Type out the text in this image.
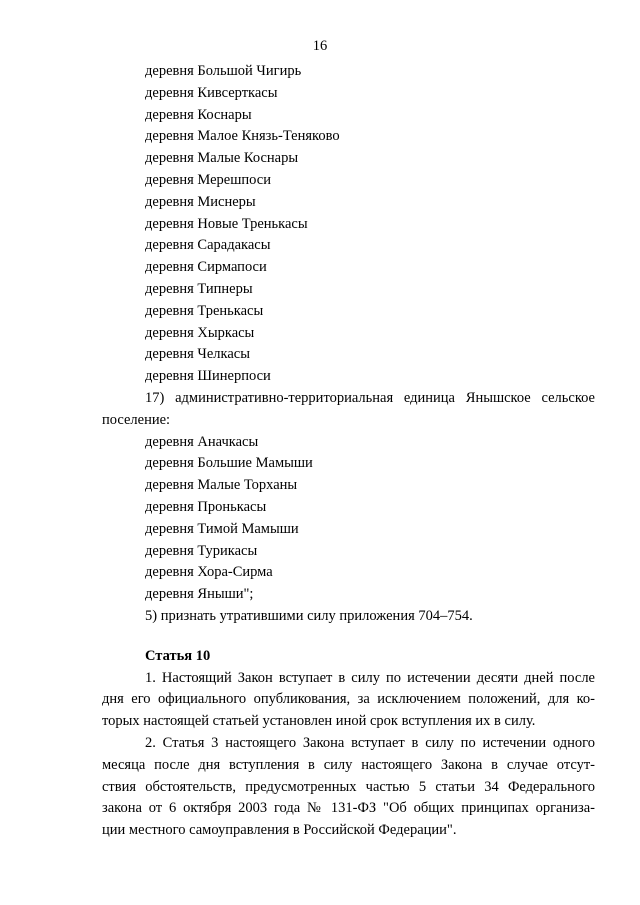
16
деревня Большой Чигирь
деревня Кивсерткасы
деревня Коснары
деревня Малое Князь-Теняково
деревня Малые Коснары
деревня Мерешпоси
деревня Миснеры
деревня Новые Тренькасы
деревня Сарадакасы
деревня Сирмапоси
деревня Типнеры
деревня Тренькасы
деревня Хыркасы
деревня Челкасы
деревня Шинерпоси
17) административно-территориальная единица Янышское сельское
поселение:
деревня Аначкасы
деревня Большие Мамыши
деревня Малые Торханы
деревня Пронькасы
деревня Тимой Мамыши
деревня Турикасы
деревня Хора-Сирма
деревня Яныши";
5) признать утратившими силу приложения 704–754.
Статья 10
1. Настоящий Закон вступает в силу по истечении десяти дней после
дня его официального опубликования, за исключением положений, для ко-
торых настоящей статьей установлен иной срок вступления их в силу.
2. Статья 3 настоящего Закона вступает в силу по истечении одного
месяца после дня вступления в силу настоящего Закона в случае отсут-
ствия обстоятельств, предусмотренных частью 5 статьи 34 Федерального
закона от 6 октября 2003 года № 131-ФЗ "Об общих принципах организа-
ции местного самоуправления в Российской Федерации".
